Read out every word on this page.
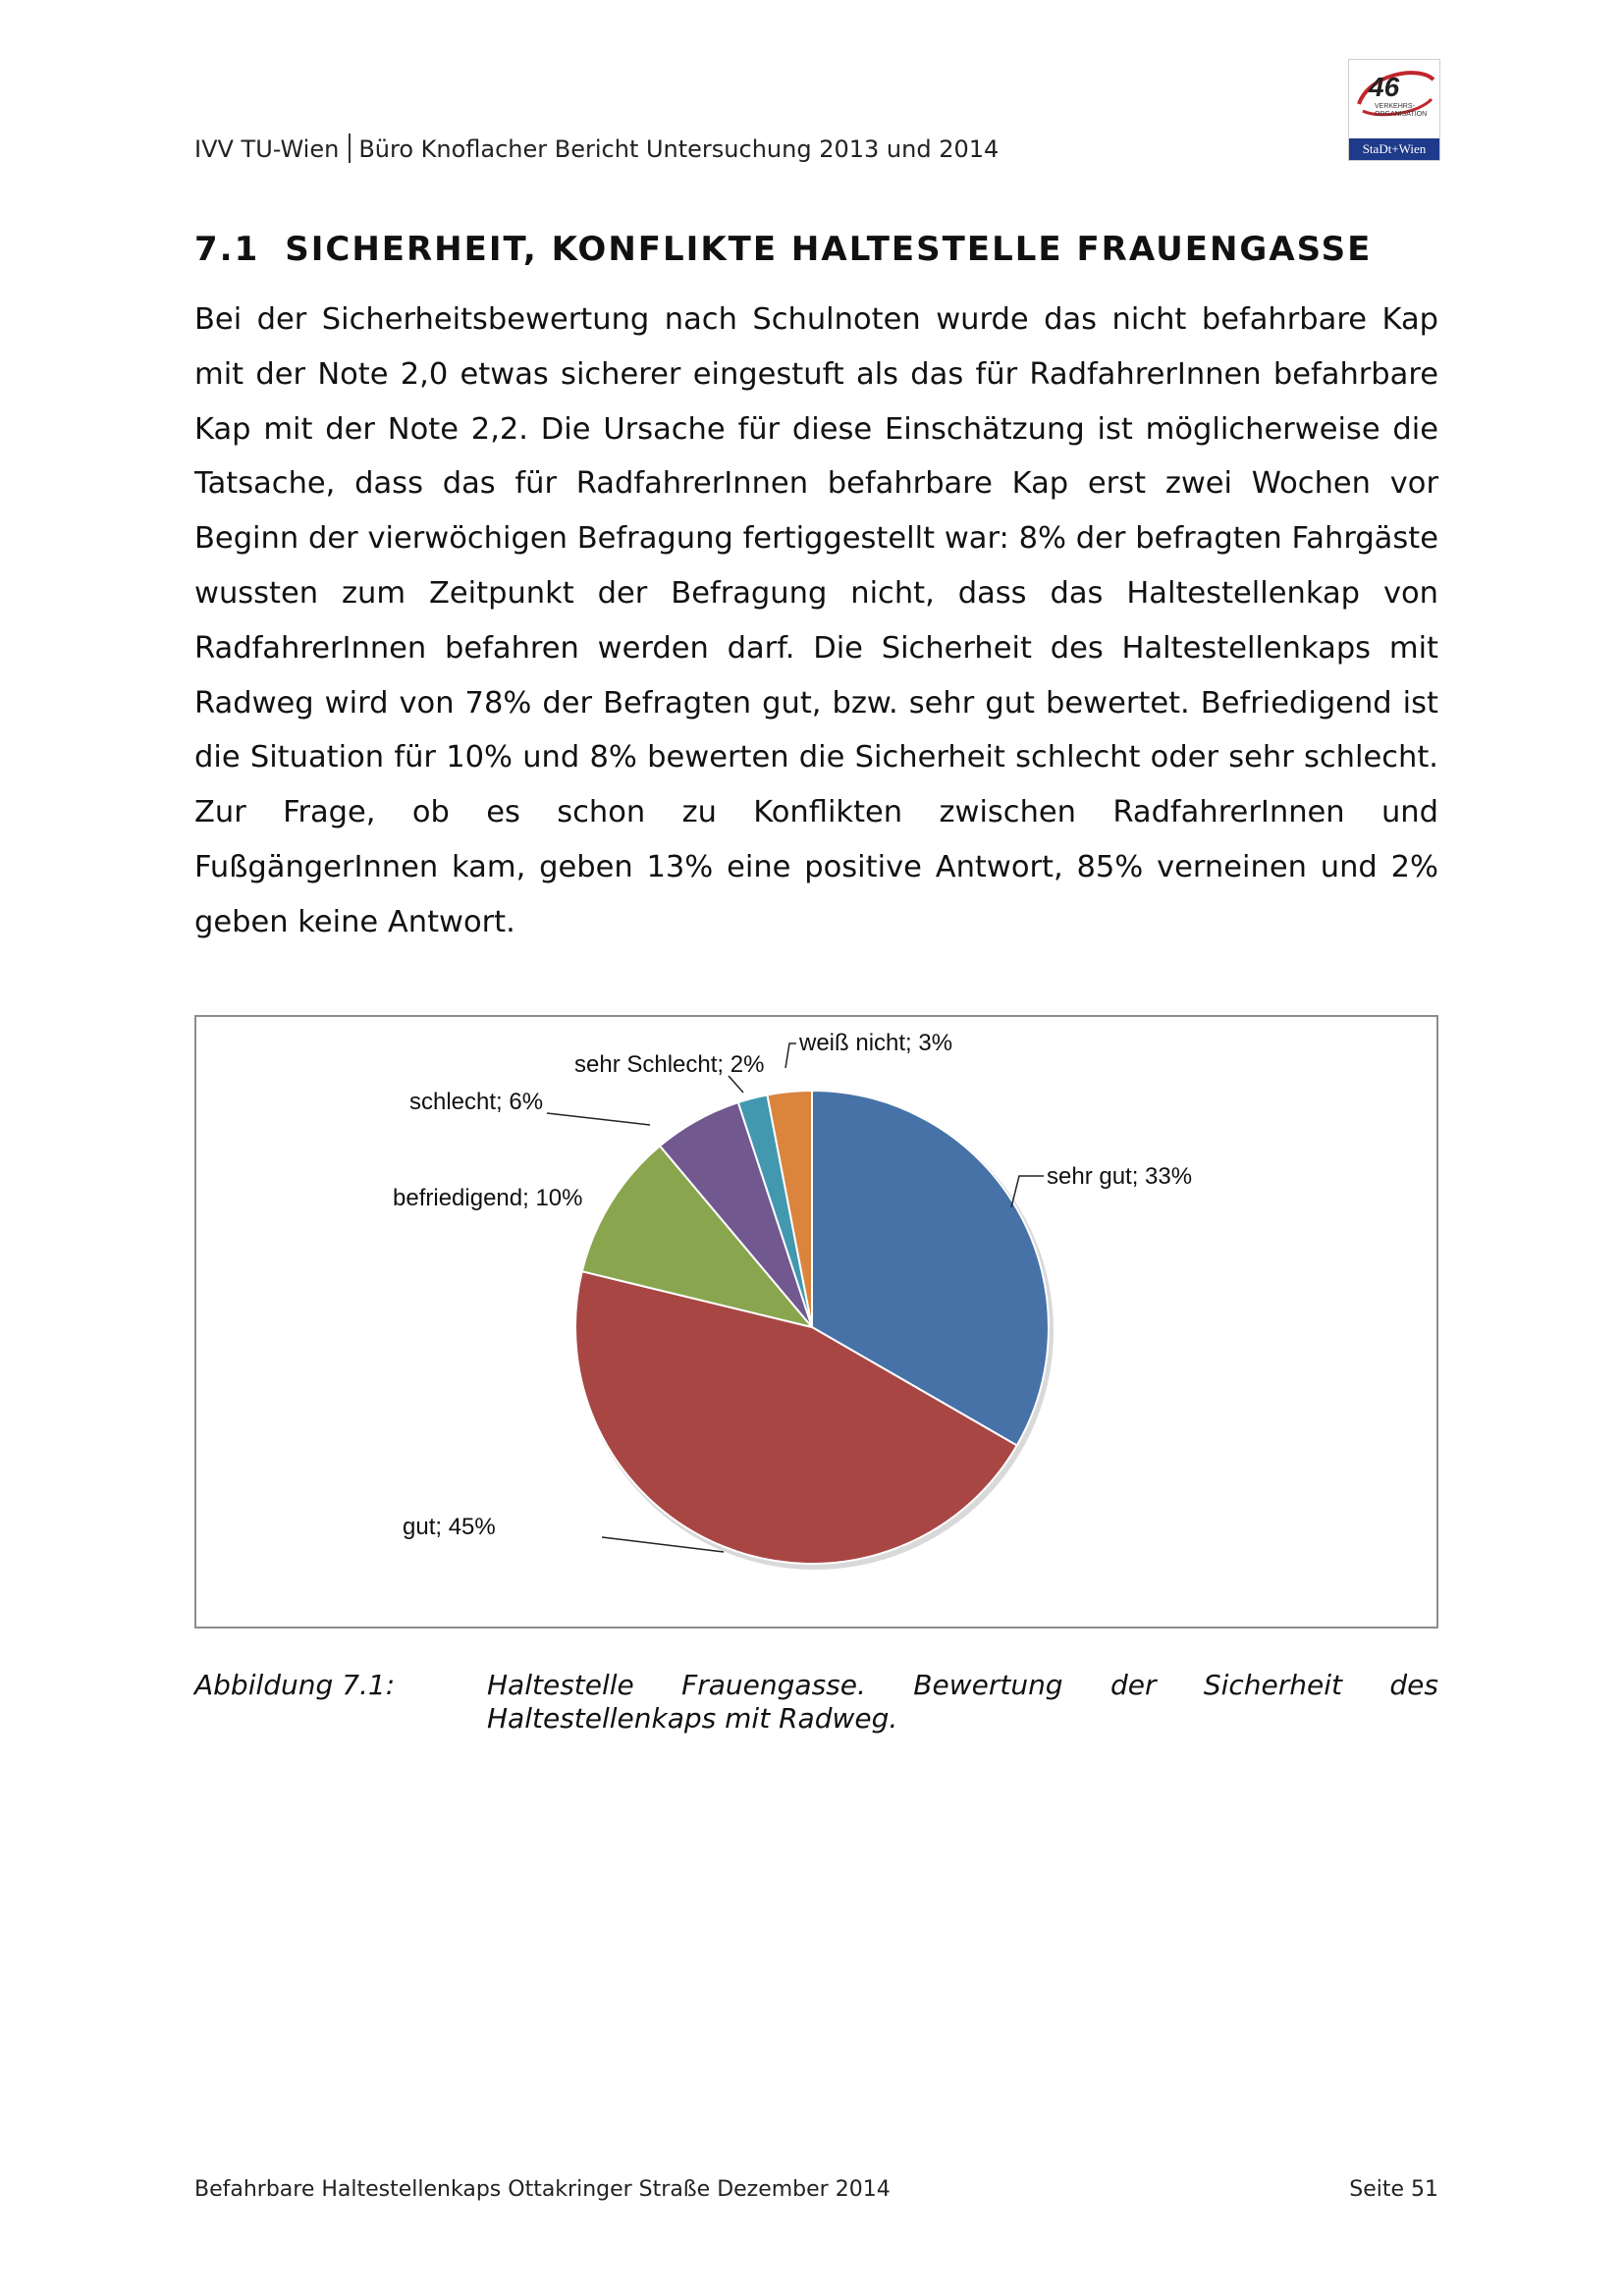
IVV TU-Wien Büro Knoflacher Bericht Untersuchung 2013 und 2014
46
VERKEHRS-ORGANISATION
StaDt+Wien
7.1 SICHERHEIT, KONFLIKTE HALTESTELLE FRAUENGASSE
Bei der Sicherheitsbewertung nach Schulnoten wurde das nicht befahrbare Kap mit der Note 2,0 etwas sicherer eingestuft als das für RadfahrerInnen befahrbare Kap mit der Note 2,2. Die Ursache für diese Einschätzung ist möglicherweise die Tatsache, dass das für RadfahrerInnen befahrbare Kap erst zwei Wochen vor Beginn der vierwöchigen Befragung fertiggestellt war: 8% der befragten Fahrgäste wussten zum Zeitpunkt der Befragung nicht, dass das Haltestellenkap von RadfahrerInnen befahren werden darf. Die Sicherheit des Haltestellenkaps mit Radweg wird von 78% der Befragten gut, bzw. sehr gut bewertet. Befriedigend ist die Situation für 10% und 8% bewerten die Sicherheit schlecht oder sehr schlecht. Zur Frage, ob es schon zu Konflikten zwischen RadfahrerInnen und FußgängerInnen kam, geben 13% eine positive Antwort, 85% verneinen und 2% geben keine Antwort.
sehr gut; 33%
gut; 45%
befriedigend; 10%
schlecht; 6%
sehr Schlecht; 2%
weiß nicht; 3%
Abbildung 7.1:	Haltestelle Frauengasse. Bewertung der Sicherheit des Haltestellenkaps mit Radweg.
Befahrbare Haltestellenkaps Ottakringer Straße Dezember 2014	Seite 51
